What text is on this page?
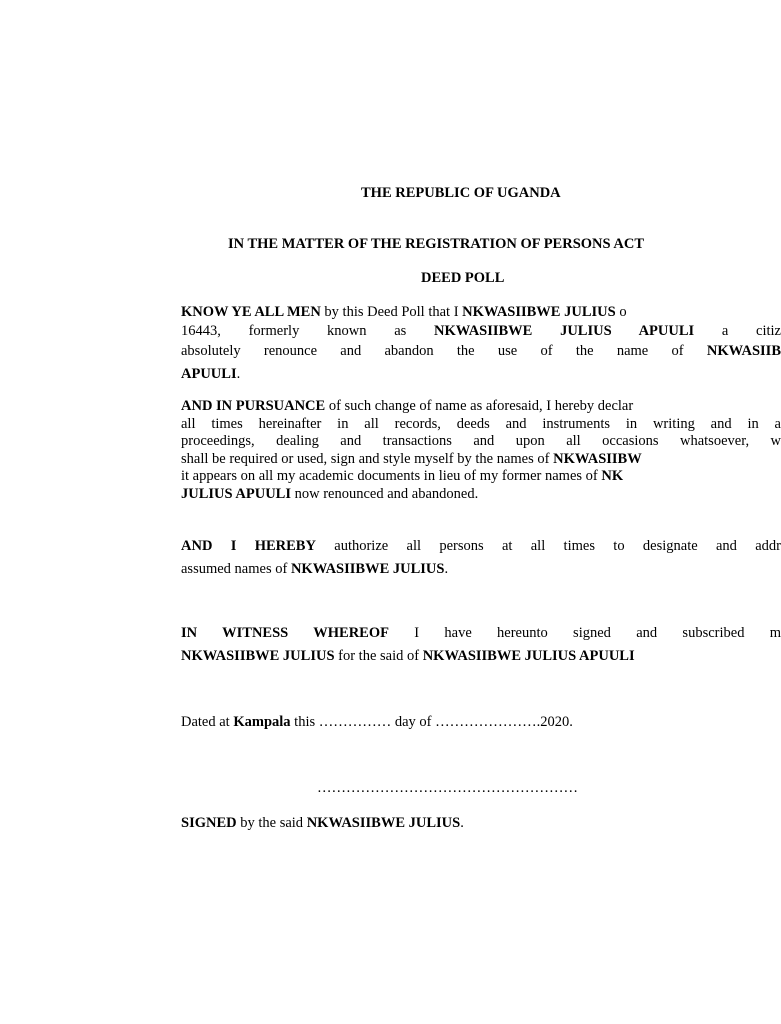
THE REPUBLIC OF UGANDA
IN THE MATTER OF THE REGISTRATION OF PERSONS ACT
DEED POLL
KNOW YE ALL MEN by this Deed Poll that I NKWASIIBWE JULIUS o
16443, formerly known as NKWASIIBWE JULIUS APUULI a citiz
absolutely renounce and abandon the use of the name of NKWASIIB
APUULI.
AND IN PURSUANCE of such change of name as aforesaid, I hereby declar
all times hereinafter in all records, deeds and instruments in writing and in a
proceedings, dealing and transactions and upon all occasions whatsoever, w
shall be required or used, sign and style myself by the names of NKWASIIBW
it appears on all my academic documents in lieu of my former names of NK
JULIUS APUULI now renounced and abandoned.
AND I HEREBY authorize all persons at all times to designate and addr
assumed names of NKWASIIBWE JULIUS.
IN WITNESS WHEREOF I have hereunto signed and subscribed m
NKWASIIBWE JULIUS for the said of NKWASIIBWE JULIUS APUULI
Dated at Kampala this …………… day of ………………….2020.
………………………………………………
SIGNED by the said NKWASIIBWE JULIUS.
